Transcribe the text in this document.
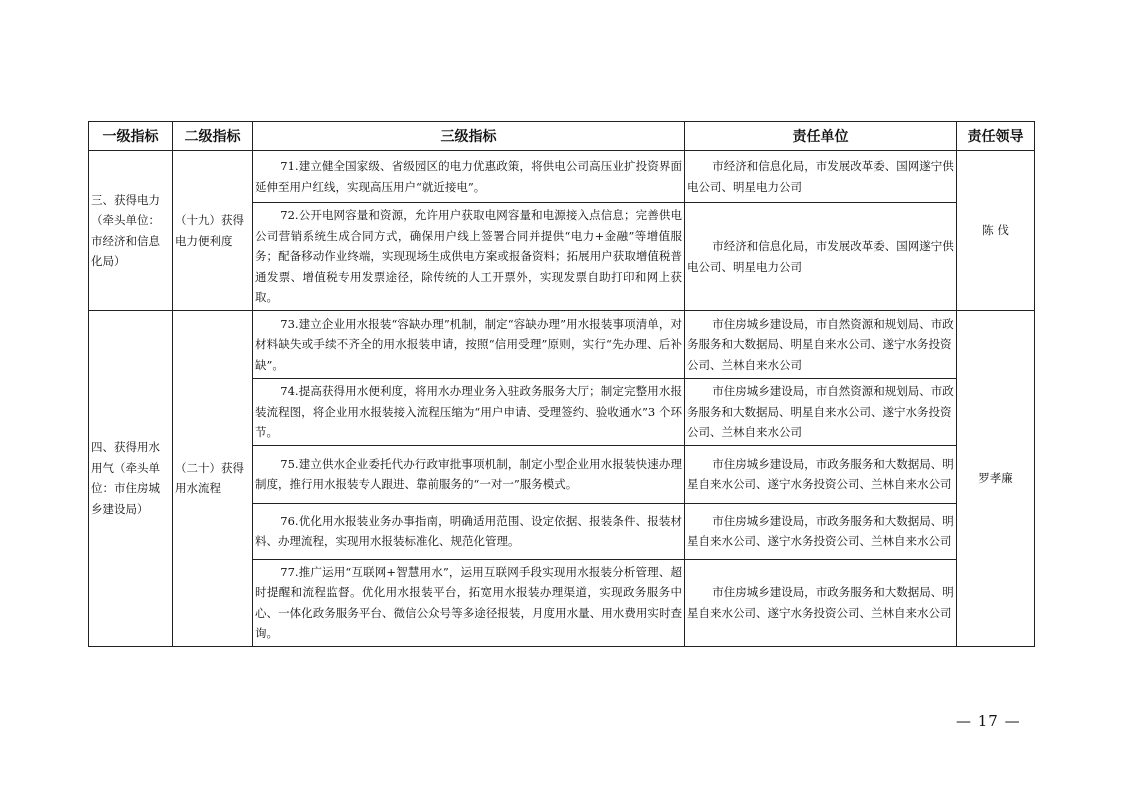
一级指标	二级指标	三级指标	责任单位	责任领导
三、获得电力（牵头单位：市经济和信息化局）	（十九）获得电力便利度	71.建立健全国家级、省级园区的电力优惠政策，将供电公司高压业扩投资界面延伸至用户红线，实现高压用户“就近接电”。	市经济和信息化局，市发展改革委、国网遂宁供电公司、明星电力公司	陈 伐
		72.公开电网容量和资源，允许用户获取电网容量和电源接入点信息；完善供电公司营销系统生成合同方式，确保用户线上签署合同并提供“电力+金融”等增值服务；配备移动作业终端，实现现场生成供电方案或报备资料；拓展用户获取增值税普通发票、增值税专用发票途径，除传统的人工开票外，实现发票自助打印和网上获取。	市经济和信息化局，市发展改革委、国网遂宁供电公司、明星电力公司	
四、获得用水用气（牵头单位：市住房城乡建设局）	（二十）获得用水流程	73.建立企业用水报装“容缺办理”机制，制定“容缺办理”用水报装事项清单，对材料缺失或手续不齐全的用水报装申请，按照“信用受理”原则，实行“先办理、后补缺”。	市住房城乡建设局，市自然资源和规划局、市政务服务和大数据局、明星自来水公司、遂宁水务投资公司、兰林自来水公司	罗孝廉
		74.提高获得用水便利度，将用水办理业务入驻政务服务大厅；制定完整用水报装流程图，将企业用水报装接入流程压缩为“用户申请、受理签约、验收通水”3 个环节。	市住房城乡建设局，市自然资源和规划局、市政务服务和大数据局、明星自来水公司、遂宁水务投资公司、兰林自来水公司	
		75.建立供水企业委托代办行政审批事项机制，制定小型企业用水报装快速办理制度，推行用水报装专人跟进、靠前服务的“一对一”服务模式。	市住房城乡建设局，市政务服务和大数据局、明星自来水公司、遂宁水务投资公司、兰林自来水公司	
		76.优化用水报装业务办事指南，明确适用范围、设定依据、报装条件、报装材料、办理流程，实现用水报装标准化、规范化管理。	市住房城乡建设局，市政务服务和大数据局、明星自来水公司、遂宁水务投资公司、兰林自来水公司	
		77.推广运用“互联网+智慧用水”，运用互联网手段实现用水报装分析管理、超时提醒和流程监督。优化用水报装平台，拓宽用水报装办理渠道，实现政务服务中心、一体化政务服务平台、微信公众号等多途径报装，月度用水量、用水费用实时查询。	市住房城乡建设局，市政务服务和大数据局、明星自来水公司、遂宁水务投资公司、兰林自来水公司	
— 17 —
